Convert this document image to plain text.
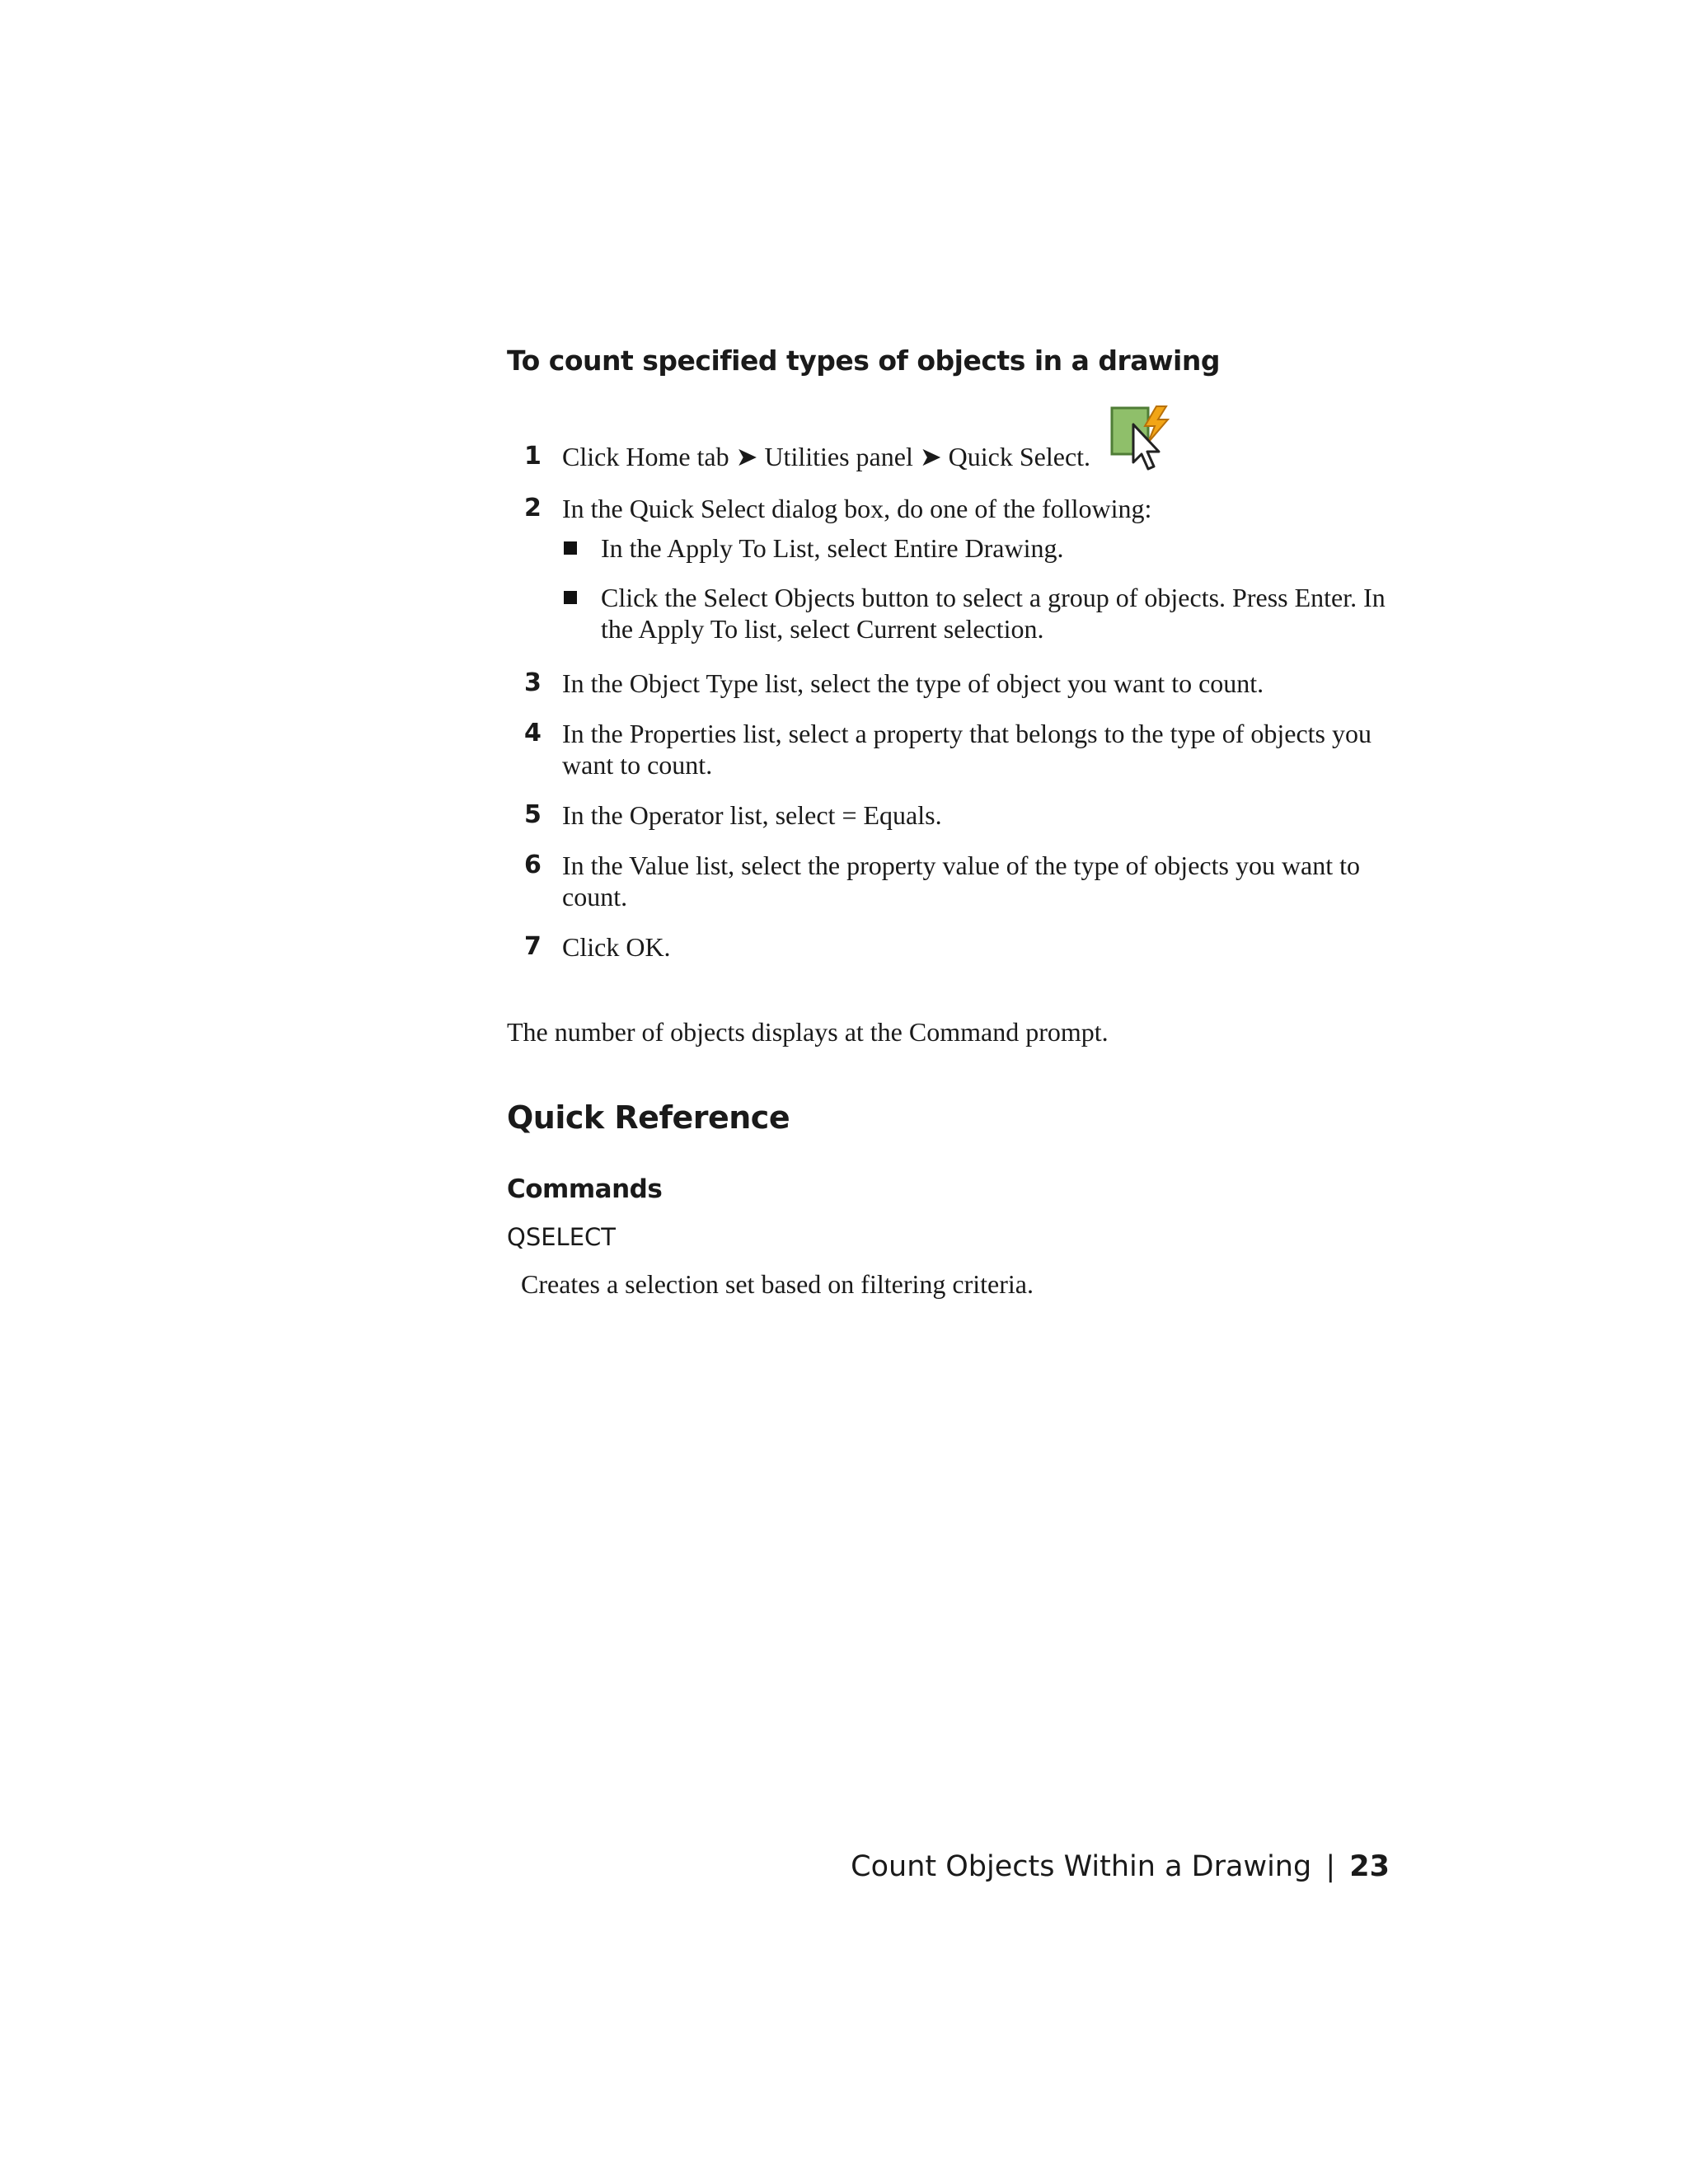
To count specified types of objects in a drawing
1 Click Home tab ➤ Utilities panel ➤ Quick Select.
2 In the Quick Select dialog box, do one of the following:
In the Apply To List, select Entire Drawing.
Click the Select Objects button to select a group of objects. Press Enter. In the Apply To list, select Current selection.
3 In the Object Type list, select the type of object you want to count.
4 In the Properties list, select a property that belongs to the type of objects you want to count.
5 In the Operator list, select = Equals.
6 In the Value list, select the property value of the type of objects you want to count.
7 Click OK.

The number of objects displays at the Command prompt.

Quick Reference
Commands

QSELECT

Creates a selection set based on filtering criteria.

Count Objects Within a Drawing | 23
